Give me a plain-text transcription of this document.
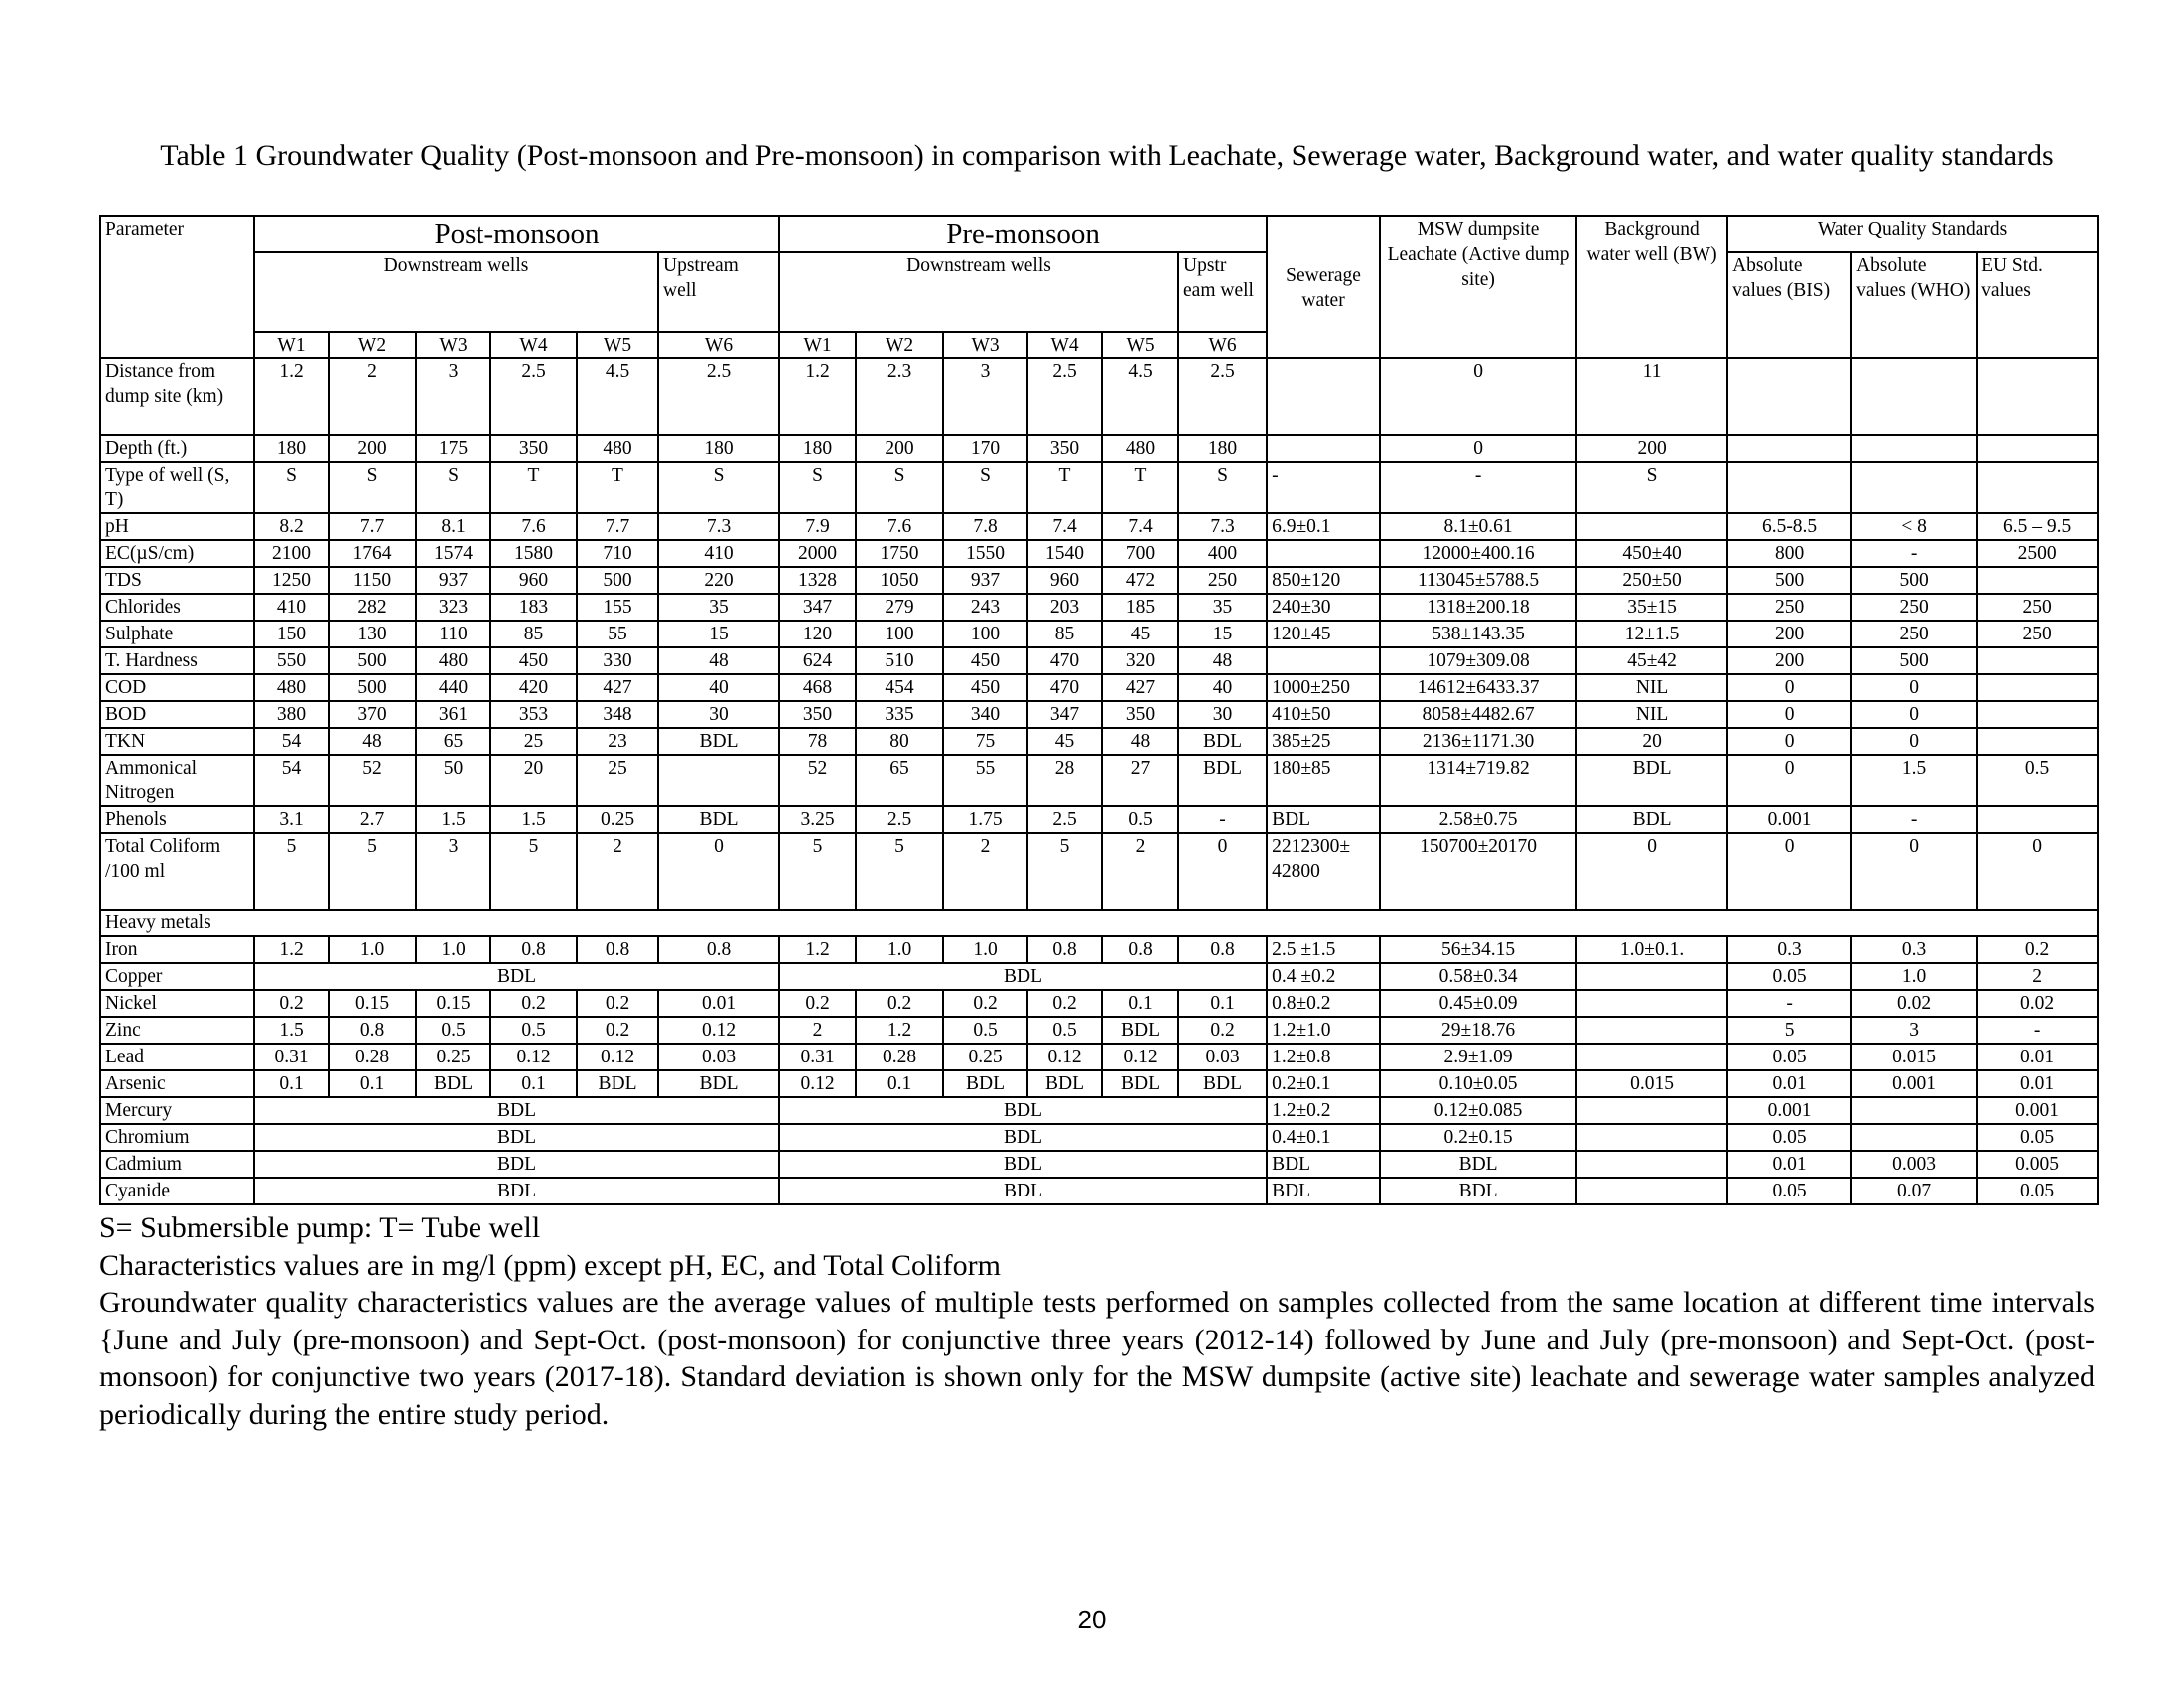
Table 1 Groundwater Quality (Post-monsoon and Pre-monsoon) in comparison with Leachate, Sewerage water, Background water, and water quality standards
Parameter	Post-monsoon						Pre-monsoon						Sewerage water	MSW dumpsite Leachate (Active dump site)	Background water well (BW)	Water Quality Standards		
	Downstream wells					Upstream well	Downstream wells					Upstr eam well				Absolute values (BIS)	Absolute values (WHO)	EU Std. values
	W1	W2	W3	W4	W5	W6	W1	W2	W3	W4	W5	W6						
Distance from dump site (km)	1.2	2	3	2.5	4.5	2.5	1.2	2.3	3	2.5	4.5	2.5		0	11			
Depth (ft.)	180	200	175	350	480	180	180	200	170	350	480	180		0	200			
Type of well (S, T)	S	S	S	T	T	S	S	S	S	T	T	S	-	-	S			
pH	8.2	7.7	8.1	7.6	7.7	7.3	7.9	7.6	7.8	7.4	7.4	7.3	6.9±0.1	8.1±0.61		6.5-8.5	< 8	6.5 – 9.5
EC(µS/cm)	2100	1764	1574	1580	710	410	2000	1750	1550	1540	700	400		12000±400.16	450±40	800	-	2500
TDS	1250	1150	937	960	500	220	1328	1050	937	960	472	250	850±120	113045±5788.5	250±50	500	500	
Chlorides	410	282	323	183	155	35	347	279	243	203	185	35	240±30	1318±200.18	35±15	250	250	250
Sulphate	150	130	110	85	55	15	120	100	100	85	45	15	120±45	538±143.35	12±1.5	200	250	250
T. Hardness	550	500	480	450	330	48	624	510	450	470	320	48		1079±309.08	45±42	200	500	
COD	480	500	440	420	427	40	468	454	450	470	427	40	1000±250	14612±6433.37	NIL	0	0	
BOD	380	370	361	353	348	30	350	335	340	347	350	30	410±50	8058±4482.67	NIL	0	0	
TKN	54	48	65	25	23	BDL	78	80	75	45	48	BDL	385±25	2136±1171.30	20	0	0	
Ammonical Nitrogen	54	52	50	20	25		52	65	55	28	27	BDL	180±85	1314±719.82	BDL	0	1.5	0.5
Phenols	3.1	2.7	1.5	1.5	0.25	BDL	3.25	2.5	1.75	2.5	0.5	-	BDL	2.58±0.75	BDL	0.001	-	
Total Coliform /100 ml	5	5	3	5	2	0	5	5	2	5	2	0	2212300± 42800	150700±20170	0	0	0	0
Heavy metals																		
Iron	1.2	1.0	1.0	0.8	0.8	0.8	1.2	1.0	1.0	0.8	0.8	0.8	2.5 ±1.5	56±34.15	1.0±0.1.	0.3	0.3	0.2
Copper	BDL						BDL						0.4 ±0.2	0.58±0.34		0.05	1.0	2
Nickel	0.2	0.15	0.15	0.2	0.2	0.01	0.2	0.2	0.2	0.2	0.1	0.1	0.8±0.2	0.45±0.09		-	0.02	0.02
Zinc	1.5	0.8	0.5	0.5	0.2	0.12	2	1.2	0.5	0.5	BDL	0.2	1.2±1.0	29±18.76		5	3	-
Lead	0.31	0.28	0.25	0.12	0.12	0.03	0.31	0.28	0.25	0.12	0.12	0.03	1.2±0.8	2.9±1.09		0.05	0.015	0.01
Arsenic	0.1	0.1	BDL	0.1	BDL	BDL	0.12	0.1	BDL	BDL	BDL	BDL	0.2±0.1	0.10±0.05	0.015	0.01	0.001	0.01
Mercury	BDL						BDL						1.2±0.2	0.12±0.085		0.001		0.001
Chromium	BDL						BDL						0.4±0.1	0.2±0.15		0.05		0.05
Cadmium	BDL						BDL						BDL	BDL		0.01	0.003	0.005
Cyanide	BDL						BDL						BDL	BDL		0.05	0.07	0.05

S= Submersible pump: T= Tube well

Characteristics values are in mg/l (ppm) except pH, EC, and Total Coliform

Groundwater quality characteristics values are the average values of multiple tests performed on samples collected from the same location at different time intervals {June and July (pre-monsoon) and Sept-Oct. (post-monsoon) for conjunctive three years (2012-14) followed by June and July (pre-monsoon) and Sept-Oct. (post-monsoon) for conjunctive two years (2017-18). Standard deviation is shown only for the MSW dumpsite (active site) leachate and sewerage water samples analyzed periodically during the entire study period.

20
